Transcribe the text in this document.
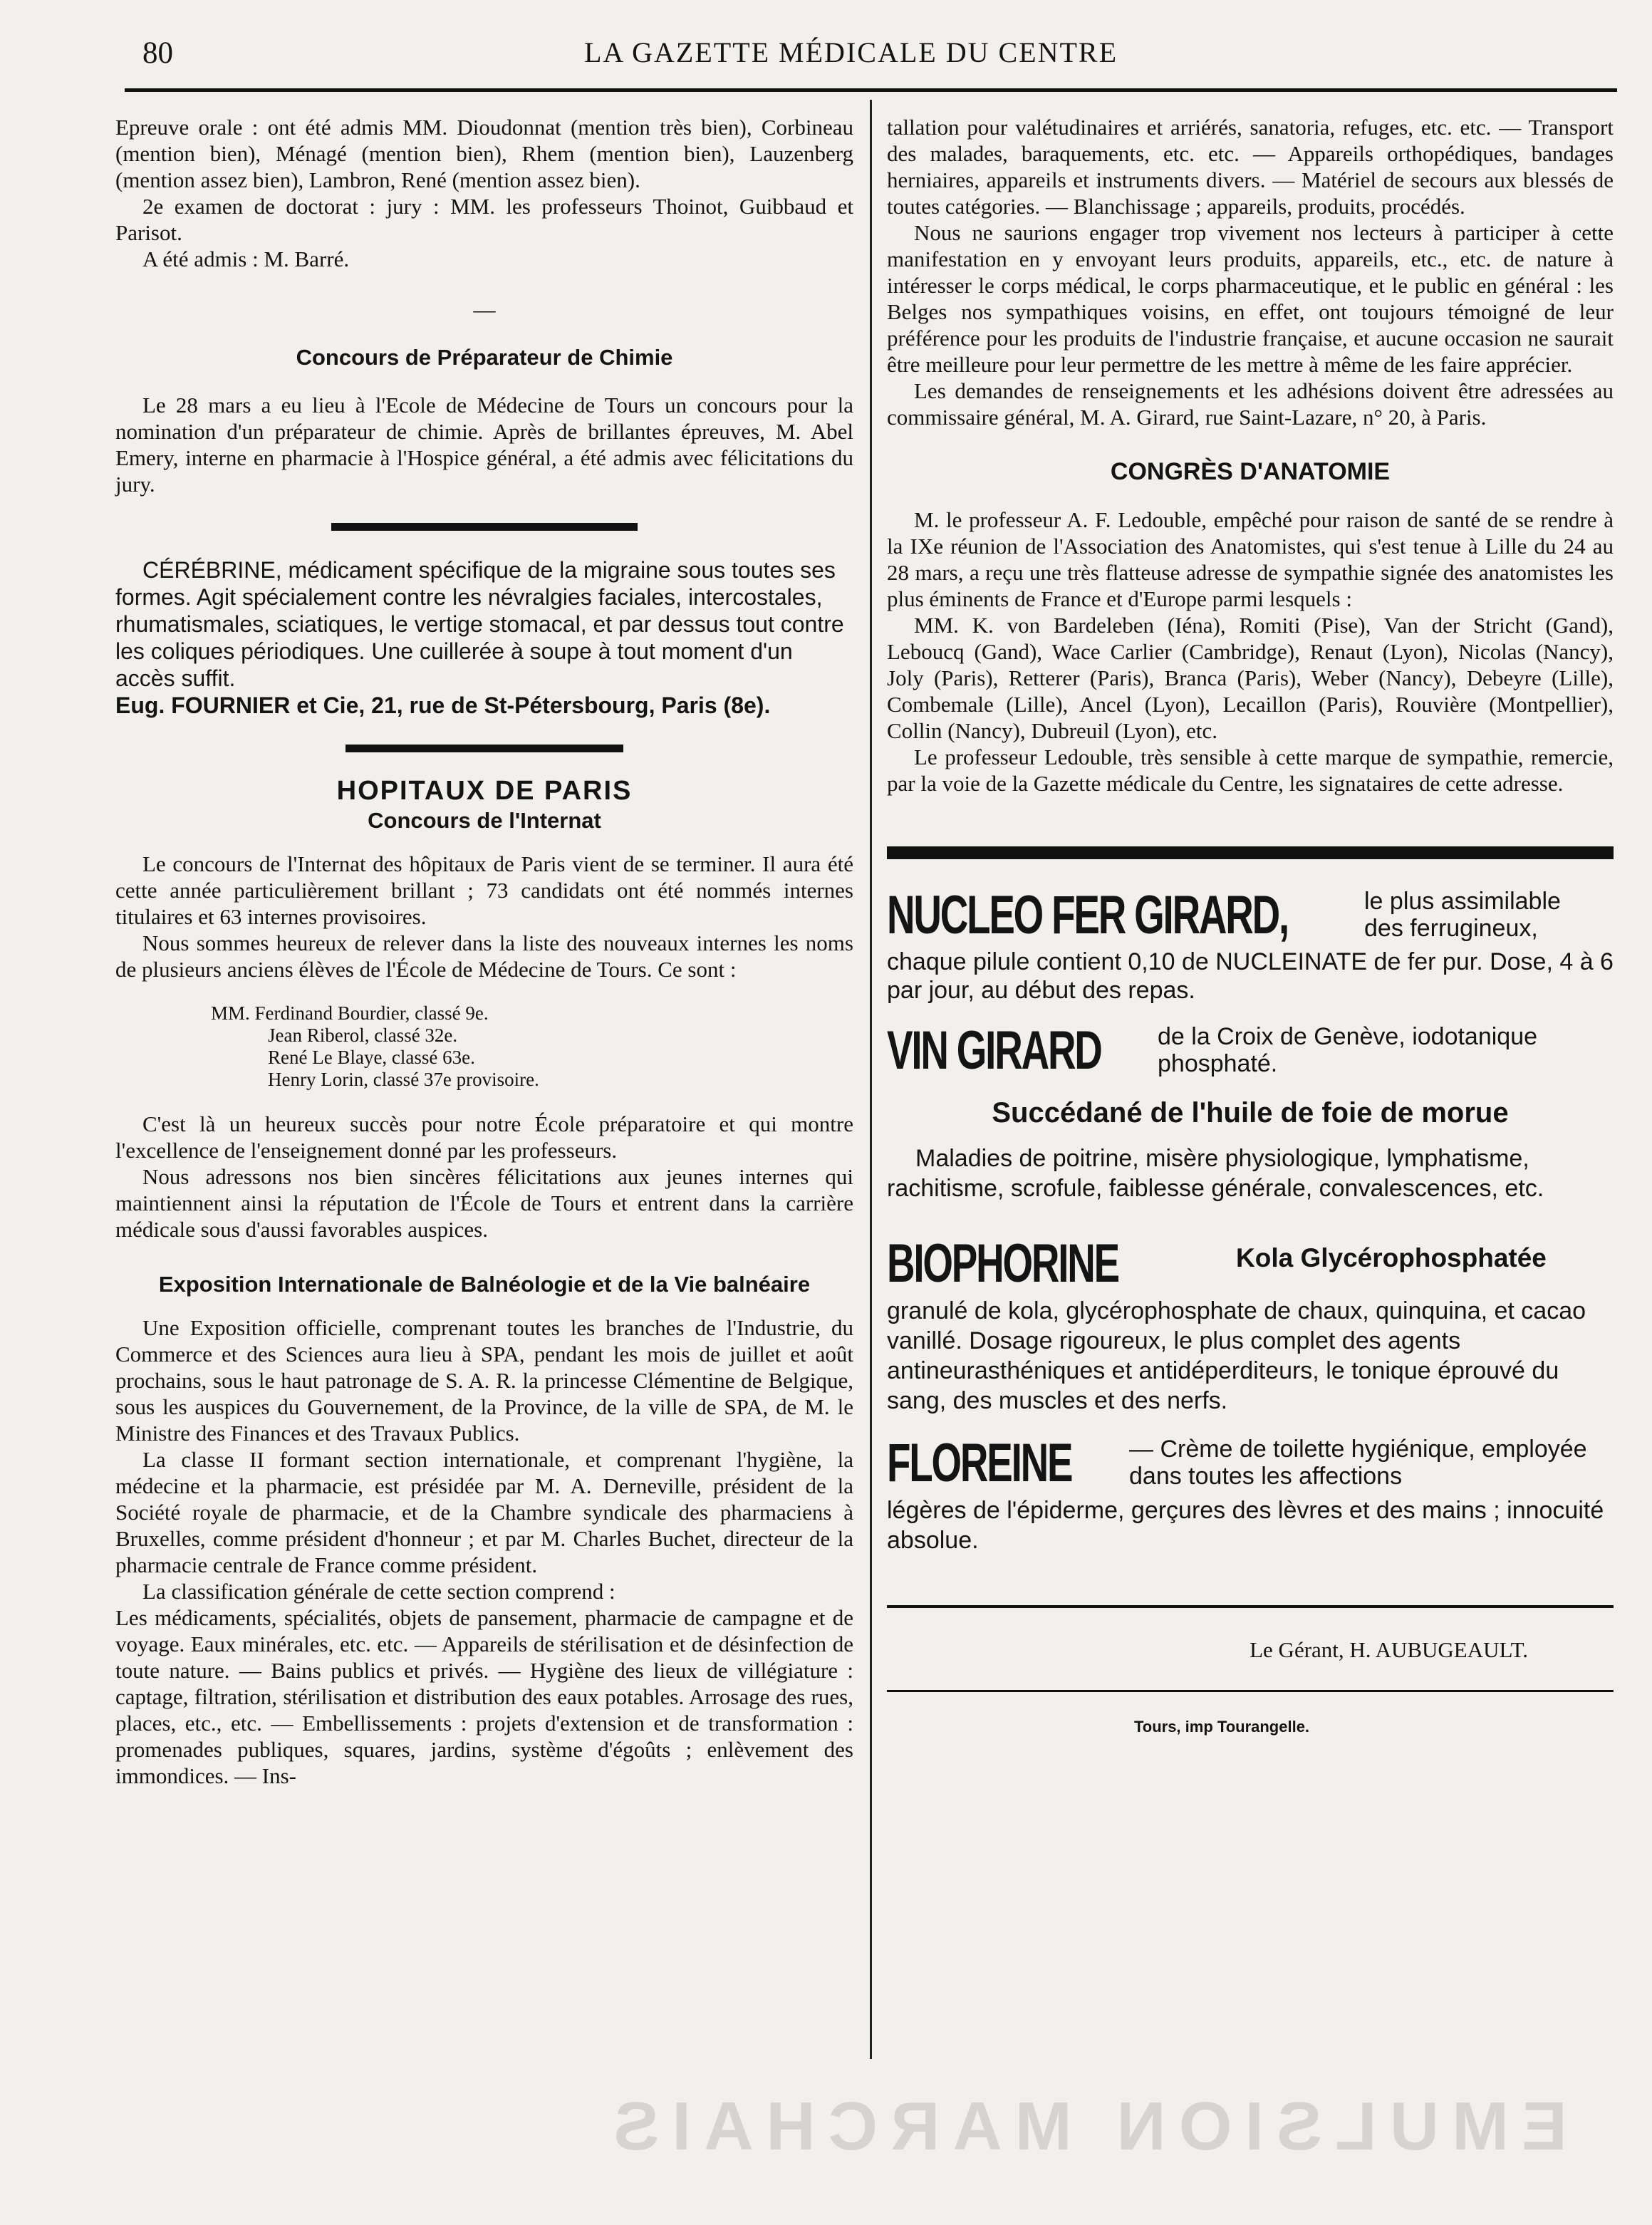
80	LA GAZETTE MÉDICALE DU CENTRE

Epreuve orale : ont été admis MM. Dioudonnat (mention très bien), Corbineau (mention bien), Ménagé (mention bien), Rhem (mention bien), Lauzenberg (mention assez bien), Lambron, René (mention assez bien).

2e examen de doctorat : jury : MM. les professeurs Thoinot, Guibbaud et Parisot.

A été admis : M. Barré.

—
Concours de Préparateur de Chimie

Le 28 mars a eu lieu à l'Ecole de Médecine de Tours un concours pour la nomination d'un préparateur de chimie. Après de brillantes épreuves, M. Abel Emery, interne en pharmacie à l'Hospice général, a été admis avec félicitations du jury.

CÉRÉBRINE, médicament spécifique de la migraine sous toutes ses formes. Agit spécialement contre les névralgies faciales, intercostales, rhumatismales, sciatiques, le vertige stomacal, et par dessus tout contre les coliques périodiques. Une cuillerée à soupe à tout moment d'un accès suffit.

Eug. FOURNIER et Cie, 21, rue de St-Pétersbourg, Paris (8e).

HOPITAUX DE PARIS
Concours de l'Internat

Le concours de l'Internat des hôpitaux de Paris vient de se terminer. Il aura été cette année particulièrement brillant ; 73 candidats ont été nommés internes titulaires et 63 internes provisoires.

Nous sommes heureux de relever dans la liste des nouveaux internes les noms de plusieurs anciens élèves de l'École de Médecine de Tours. Ce sont :

MM. Ferdinand Bourdier, classé 9e.
Jean Riberol, classé 32e.
René Le Blaye, classé 63e.
Henry Lorin, classé 37e provisoire.

C'est là un heureux succès pour notre École préparatoire et qui montre l'excellence de l'enseignement donné par les professeurs.

Nous adressons nos bien sincères félicitations aux jeunes internes qui maintiennent ainsi la réputation de l'École de Tours et entrent dans la carrière médicale sous d'aussi favorables auspices.

Exposition Internationale de Balnéologie et de la Vie balnéaire

Une Exposition officielle, comprenant toutes les branches de l'Industrie, du Commerce et des Sciences aura lieu à SPA, pendant les mois de juillet et août prochains, sous le haut patronage de S. A. R. la princesse Clémentine de Belgique, sous les auspices du Gouvernement, de la Province, de la ville de SPA, de M. le Ministre des Finances et des Travaux Publics.

La classe II formant section internationale, et comprenant l'hygiène, la médecine et la pharmacie, est présidée par M. A. Derneville, président de la Société royale de pharmacie, et de la Chambre syndicale des pharmaciens à Bruxelles, comme président d'honneur ; et par M. Charles Buchet, directeur de la pharmacie centrale de France comme président.

La classification générale de cette section comprend :

Les médicaments, spécialités, objets de pansement, pharmacie de campagne et de voyage. Eaux minérales, etc. etc. — Appareils de stérilisation et de désinfection de toute nature. — Bains publics et privés. — Hygiène des lieux de villégiature : captage, filtration, stérilisation et distribution des eaux potables. Arrosage des rues, places, etc., etc. — Embellissements : projets d'extension et de transformation : promenades publiques, squares, jardins, système d'égoûts ; enlèvement des immondices. — Ins-

tallation pour valétudinaires et arriérés, sanatoria, refuges, etc. etc. — Transport des malades, baraquements, etc. etc. — Appareils orthopédiques, bandages herniaires, appareils et instruments divers. — Matériel de secours aux blessés de toutes catégories. — Blanchissage ; appareils, produits, procédés.

Nous ne saurions engager trop vivement nos lecteurs à participer à cette manifestation en y envoyant leurs produits, appareils, etc., etc. de nature à intéresser le corps médical, le corps pharmaceutique, et le public en général : les Belges nos sympathiques voisins, en effet, ont toujours témoigné de leur préférence pour les produits de l'industrie française, et aucune occasion ne saurait être meilleure pour leur permettre de les mettre à même de les faire apprécier.

Les demandes de renseignements et les adhésions doivent être adressées au commissaire général, M. A. Girard, rue Saint-Lazare, n° 20, à Paris.

CONGRÈS D'ANATOMIE

M. le professeur A. F. Ledouble, empêché pour raison de santé de se rendre à la IXe réunion de l'Association des Anatomistes, qui s'est tenue à Lille du 24 au 28 mars, a reçu une très flatteuse adresse de sympathie signée des anatomistes les plus éminents de France et d'Europe parmi lesquels :

MM. K. von Bardeleben (Iéna), Romiti (Pise), Van der Stricht (Gand), Leboucq (Gand), Wace Carlier (Cambridge), Renaut (Lyon), Nicolas (Nancy), Joly (Paris), Retterer (Paris), Branca (Paris), Weber (Nancy), Debeyre (Lille), Combemale (Lille), Ancel (Lyon), Lecaillon (Paris), Rouvière (Montpellier), Collin (Nancy), Dubreuil (Lyon), etc.

Le professeur Ledouble, très sensible à cette marque de sympathie, remercie, par la voie de la Gazette médicale du Centre, les signataires de cette adresse.

NUCLEO FER GIRARD,	le plus assimilable des ferrugineux,

chaque pilule contient 0,10 de NUCLEINATE de fer pur. Dose, 4 à 6 par jour, au début des repas.

VIN GIRARD de la Croix de Genève, iodotanique phosphaté.
Succédané de l'huile de foie de morue

Maladies de poitrine, misère physiologique, lymphatisme, rachitisme, scrofule, faiblesse générale, convalescences, etc.

BIOPHORINE	Kola Glycérophosphatée

granulé de kola, glycérophosphate de chaux, quinquina, et cacao vanillé. Dosage rigoureux, le plus complet des agents antineurasthéniques et antidéperditeurs, le tonique éprouvé du sang, des muscles et des nerfs.

FLOREINE — Crème de toilette hygiénique, employée dans toutes les affections

légères de l'épiderme, gerçures des lèvres et des mains ; innocuité absolue.

Le Gérant, H. AUBUGEAULT.
Tours, imp Tourangelle.
EMULSION MARCHAIS
